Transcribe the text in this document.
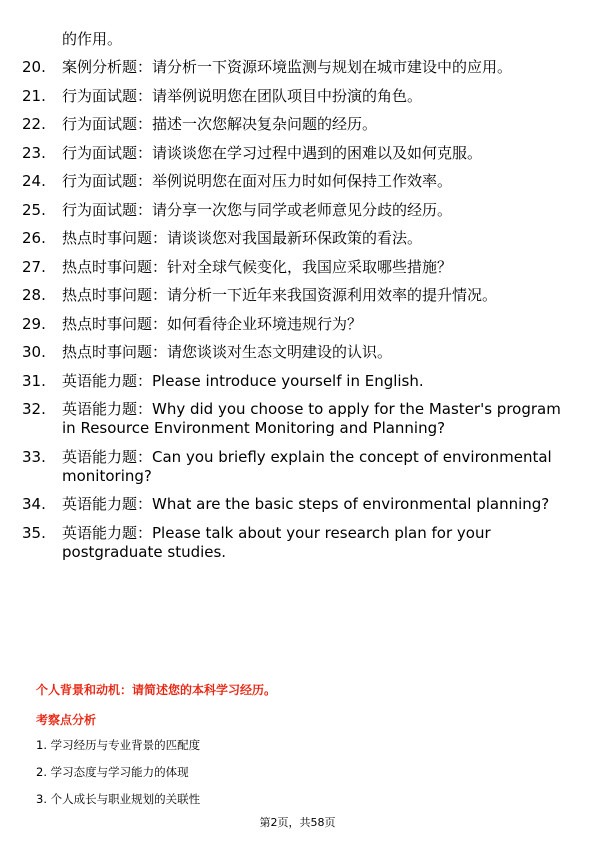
的作用。

20.	案例分析题：请分析一下资源环境监测与规划在城市建设中的应用。
21.	行为面试题：请举例说明您在团队项目中扮演的角色。
22.	行为面试题：描述一次您解决复杂问题的经历。
23.	行为面试题：请谈谈您在学习过程中遇到的困难以及如何克服。
24.	行为面试题：举例说明您在面对压力时如何保持工作效率。
25.	行为面试题：请分享一次您与同学或老师意见分歧的经历。
26.	热点时事问题：请谈谈您对我国最新环保政策的看法。
27.	热点时事问题：针对全球气候变化，我国应采取哪些措施？
28.	热点时事问题：请分析一下近年来我国资源利用效率的提升情况。
29.	热点时事问题：如何看待企业环境违规行为？
30.	热点时事问题：请您谈谈对生态文明建设的认识。
31.	英语能力题：Please introduce yourself in English.
32.	英语能力题：Why did you choose to apply for the Master's program in Resource Environment Monitoring and Planning?
33.	英语能力题：Can you briefly explain the concept of environmental monitoring?
34.	英语能力题：What are the basic steps of environmental planning?
35.	英语能力题：Please talk about your research plan for your postgraduate studies.

个人背景和动机：请简述您的本科学习经历。

考察点分析

1. 学习经历与专业背景的匹配度
2. 学习态度与学习能力的体现
3. 个人成长与职业规划的关联性

第2页，共58页
